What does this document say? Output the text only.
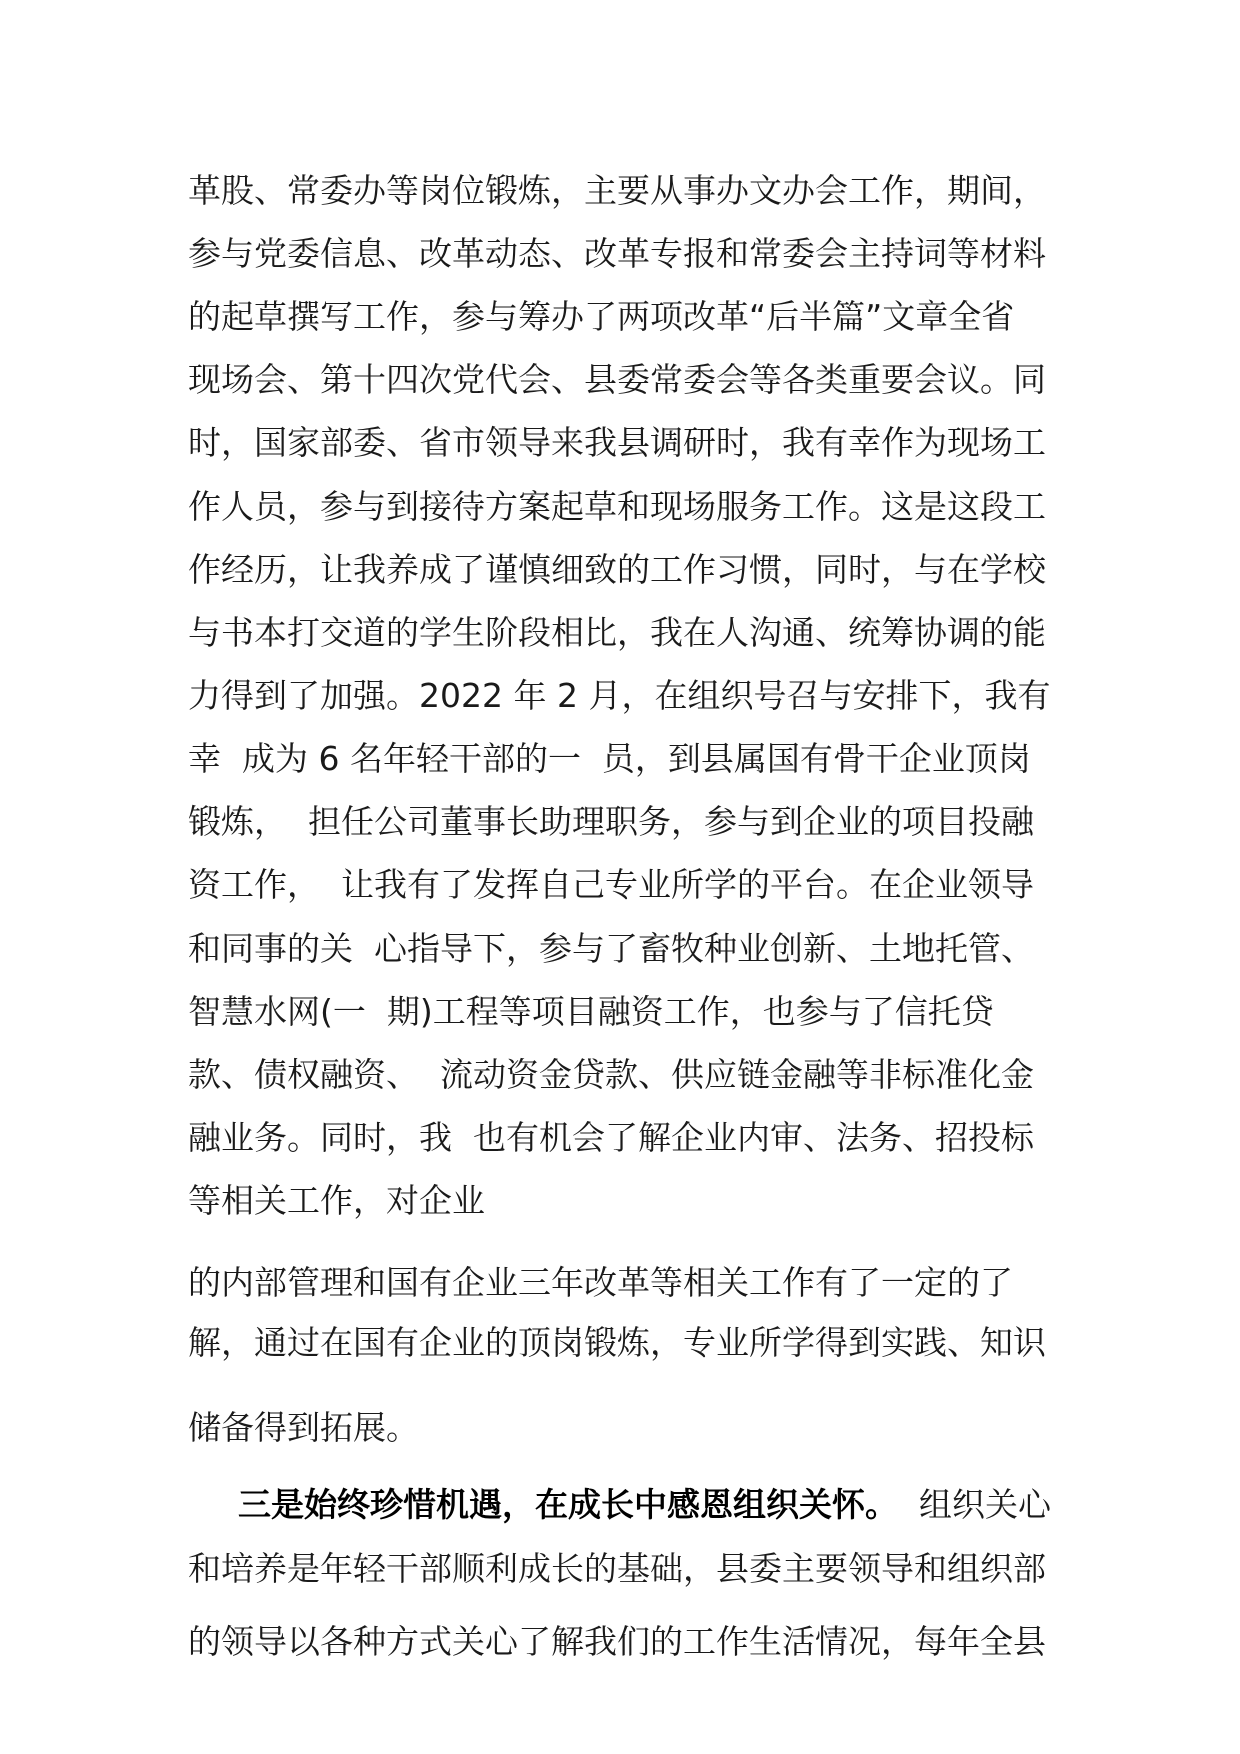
革股、常委办等岗位锻炼，主要从事办文办会工作，期间，

参与党委信息、改革动态、改革专报和常委会主持词等材料

的起草撰写工作，参与筹办了两项改革“后半篇”文章全省

现场会、第十四次党代会、县委常委会等各类重要会议。同

时，国家部委、省市领导来我县调研时，我有幸作为现场工

作人员，参与到接待方案起草和现场服务工作。这是这段工

作经历，让我养成了谨慎细致的工作习惯，同时，与在学校

与书本打交道的学生阶段相比，我在人沟通、统筹协调的能

力得到了加强。2022 年 2 月，在组织号召与安排下，我有

幸  成为 6 名年轻干部的一  员，到县属国有骨干企业顶岗

锻炼，  担任公司董事长助理职务，参与到企业的项目投融

资工作，  让我有了发挥自己专业所学的平台。在企业领导

和同事的关  心指导下，参与了畜牧种业创新、土地托管、

智慧水网(一  期)工程等项目融资工作，也参与了信托贷

款、债权融资、  流动资金贷款、供应链金融等非标准化金

融业务。同时，我  也有机会了解企业内审、法务、招投标

等相关工作，对企业

的内部管理和国有企业三年改革等相关工作有了一定的了

解，通过在国有企业的顶岗锻炼，专业所学得到实践、知识

储备得到拓展。

三是始终珍惜机遇，在成长中感恩组织关怀。  组织关心

和培养是年轻干部顺利成长的基础，县委主要领导和组织部

的领导以各种方式关心了解我们的工作生活情况，每年全县
